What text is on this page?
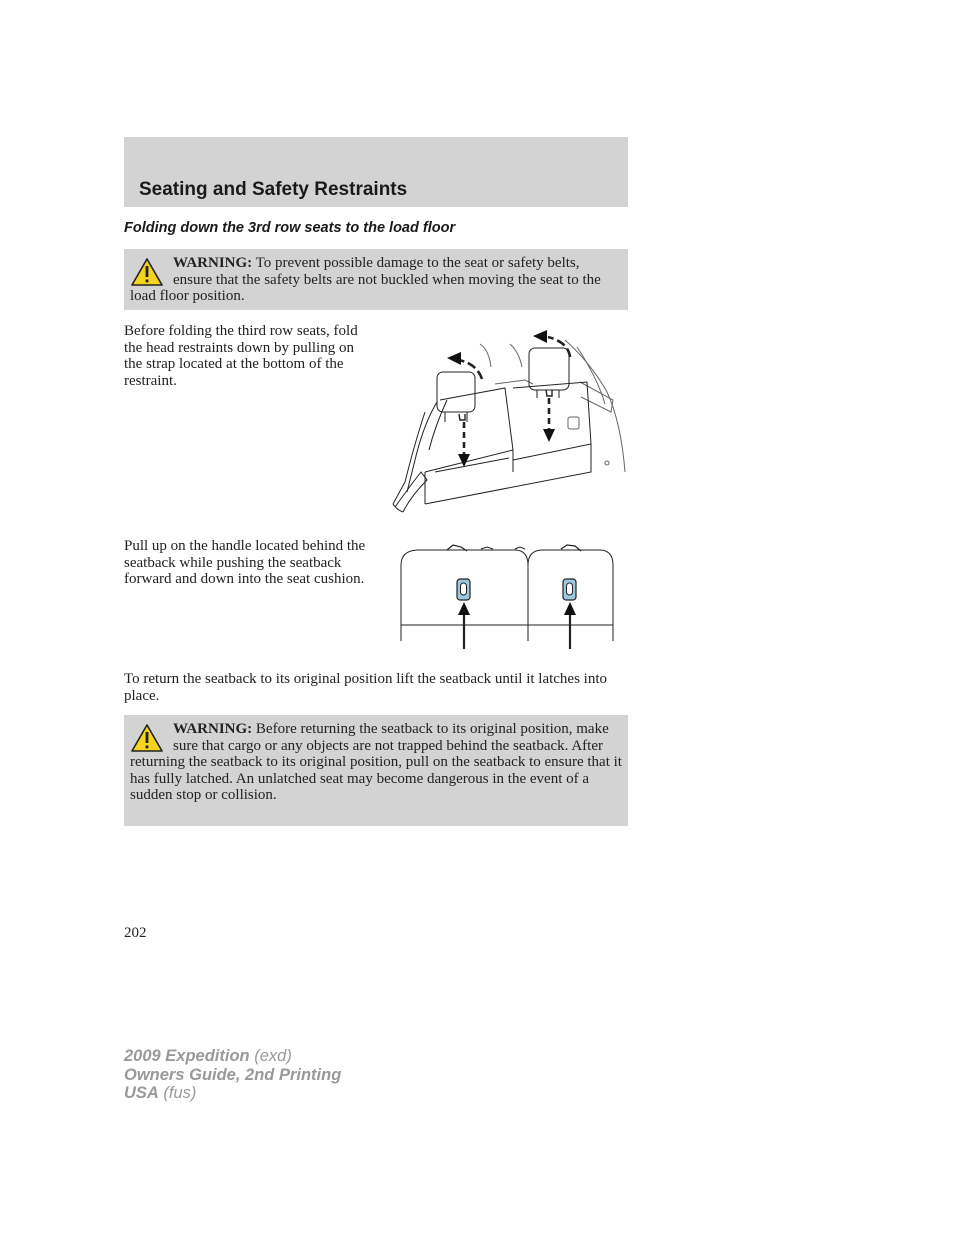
Seating and Safety Restraints
Folding down the 3rd row seats to the load floor

WARNING: To prevent possible damage to the seat or safety belts, ensure that the safety belts are not buckled when moving the seat to the load floor position.

Before folding the third row seats, fold the head restraints down by pulling on the strap located at the bottom of the restraint.

Pull up on the handle located behind the seatback while pushing the seatback forward and down into the seat cushion.

To return the seatback to its original position lift the seatback until it latches into place.

WARNING: Before returning the seatback to its original position, make sure that cargo or any objects are not trapped behind the seatback. After returning the seatback to its original position, pull on the seatback to ensure that it has fully latched. An unlatched seat may become dangerous in the event of a sudden stop or collision.

202

2009 Expedition (exd)
Owners Guide, 2nd Printing
USA (fus)
